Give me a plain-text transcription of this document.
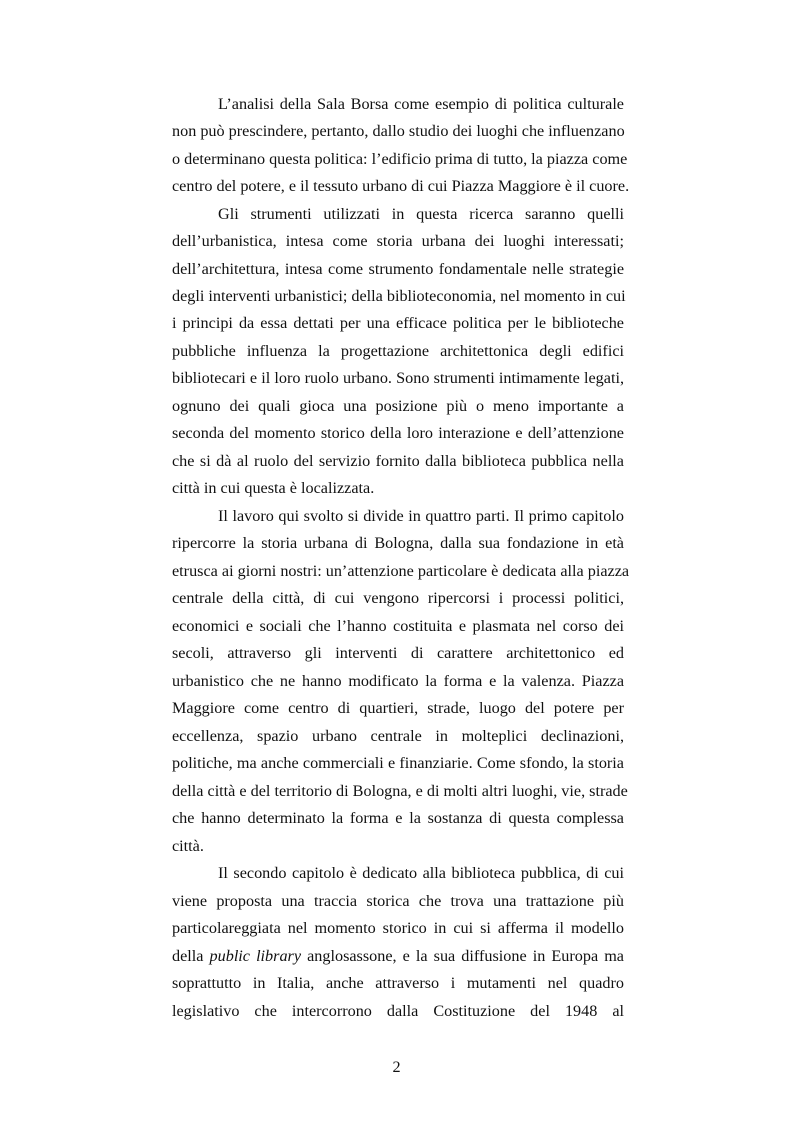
L’analisi della Sala Borsa come esempio di politica culturale
non può prescindere, pertanto, dallo studio dei luoghi che influenzano
o determinano questa politica: l’edificio prima di tutto, la piazza come
centro del potere, e il tessuto urbano di cui Piazza Maggiore è il cuore.
Gli strumenti utilizzati in questa ricerca saranno quelli
dell’urbanistica, intesa come storia urbana dei luoghi interessati;
dell’architettura, intesa come strumento fondamentale nelle strategie
degli interventi urbanistici; della biblioteconomia, nel momento in cui
i principi da essa dettati per una efficace politica per le biblioteche
pubbliche influenza la progettazione architettonica degli edifici
bibliotecari e il loro ruolo urbano. Sono strumenti intimamente legati,
ognuno dei quali gioca una posizione più o meno importante a
seconda del momento storico della loro interazione e dell’attenzione
che si dà al ruolo del servizio fornito dalla biblioteca pubblica nella
città in cui questa è localizzata.
Il lavoro qui svolto si divide in quattro parti. Il primo capitolo
ripercorre la storia urbana di Bologna, dalla sua fondazione in età
etrusca ai giorni nostri: un’attenzione particolare è dedicata alla piazza
centrale della città, di cui vengono ripercorsi i processi politici,
economici e sociali che l’hanno costituita e plasmata nel corso dei
secoli, attraverso gli interventi di carattere architettonico ed
urbanistico che ne hanno modificato la forma e la valenza. Piazza
Maggiore come centro di quartieri, strade, luogo del potere per
eccellenza, spazio urbano centrale in molteplici declinazioni,
politiche, ma anche commerciali e finanziarie. Come sfondo, la storia
della città e del territorio di Bologna, e di molti altri luoghi, vie, strade
che hanno determinato la forma e la sostanza di questa complessa
città.
Il secondo capitolo è dedicato alla biblioteca pubblica, di cui
viene proposta una traccia storica che trova una trattazione più
particolareggiata nel momento storico in cui si afferma il modello
della public library anglosassone, e la sua diffusione in Europa ma
soprattutto in Italia, anche attraverso i mutamenti nel quadro
legislativo che intercorrono dalla Costituzione del 1948 al
2
